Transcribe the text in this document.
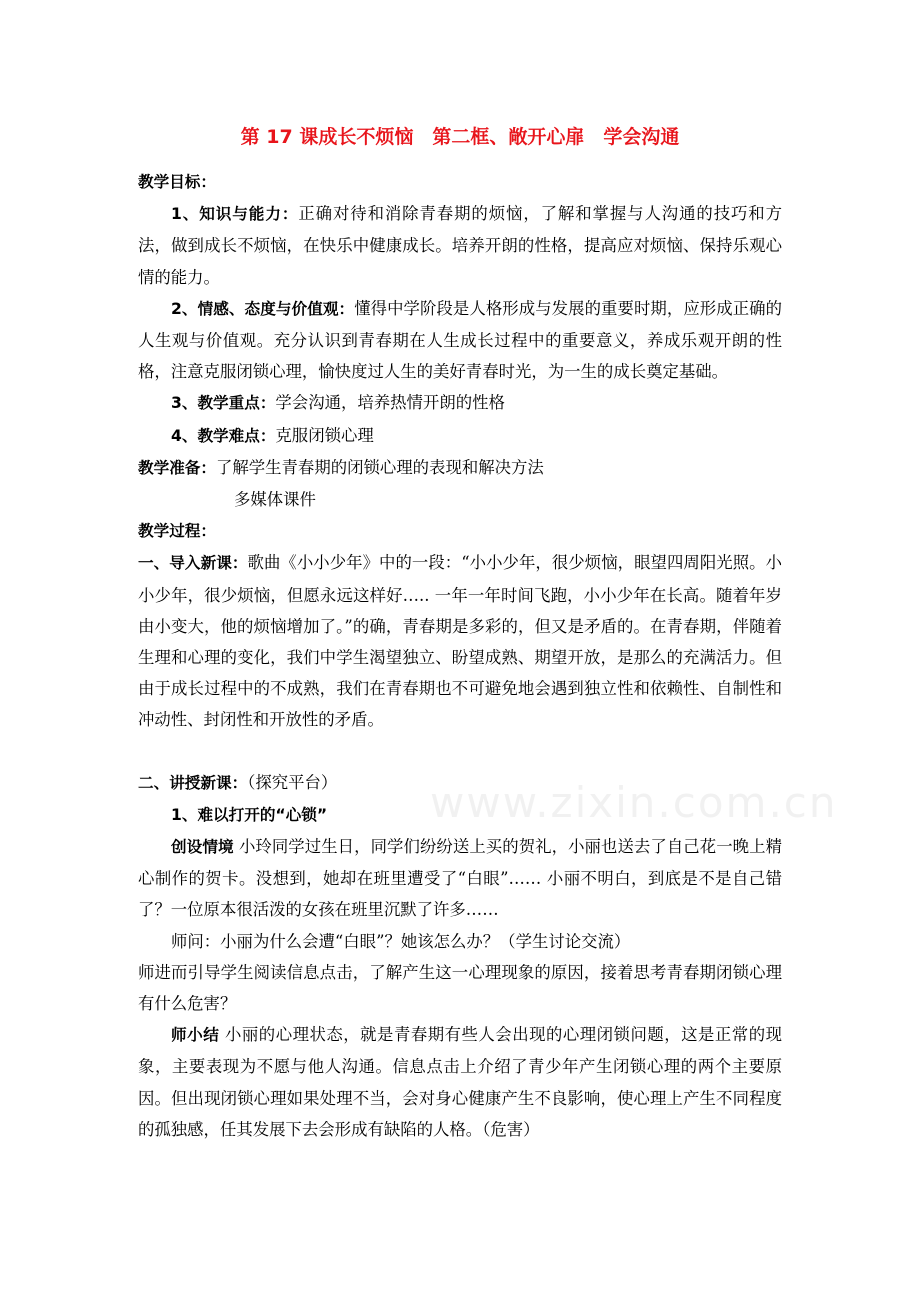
第 17 课成长不烦恼　第二框、敞开心扉　学会沟通

教学目标：

1、知识与能力：正确对待和消除青春期的烦恼，了解和掌握与人沟通的技巧和方法，做到成长不烦恼，在快乐中健康成长。培养开朗的性格，提高应对烦恼、保持乐观心情的能力。

2、情感、态度与价值观：懂得中学阶段是人格形成与发展的重要时期，应形成正确的人生观与价值观。充分认识到青春期在人生成长过程中的重要意义，养成乐观开朗的性格，注意克服闭锁心理，愉快度过人生的美好青春时光，为一生的成长奠定基础。

3、教学重点：学会沟通，培养热情开朗的性格

4、教学难点：克服闭锁心理

教学准备：了解学生青春期的闭锁心理的表现和解决方法

多媒体课件

教学过程：

一、导入新课：歌曲《小小少年》中的一段：“小小少年，很少烦恼，眼望四周阳光照。小小少年，很少烦恼，但愿永远这样好….. 一年一年时间飞跑，小小少年在长高。随着年岁由小变大，他的烦恼增加了。”的确，青春期是多彩的，但又是矛盾的。在青春期，伴随着生理和心理的变化，我们中学生渴望独立、盼望成熟、期望开放，是那么的充满活力。但由于成长过程中的不成熟，我们在青春期也不可避免地会遇到独立性和依赖性、自制性和冲动性、封闭性和开放性的矛盾。

二、讲授新课：（探究平台）

1、难以打开的“心锁”

创设情境 小玲同学过生日，同学们纷纷送上买的贺礼，小丽也送去了自己花一晚上精心制作的贺卡。没想到，她却在班里遭受了“白眼”…… 小丽不明白，到底是不是自己错了？一位原本很活泼的女孩在班里沉默了许多……

师问：小丽为什么会遭“白眼”？她该怎么办？（学生讨论交流）

师进而引导学生阅读信息点击，了解产生这一心理现象的原因，接着思考青春期闭锁心理有什么危害？

师小结 小丽的心理状态，就是青春期有些人会出现的心理闭锁问题，这是正常的现象，主要表现为不愿与他人沟通。信息点击上介绍了青少年产生闭锁心理的两个主要原因。但出现闭锁心理如果处理不当，会对身心健康产生不良影响，使心理上产生不同程度的孤独感，任其发展下去会形成有缺陷的人格。（危害）

www.zixin.com.cn
